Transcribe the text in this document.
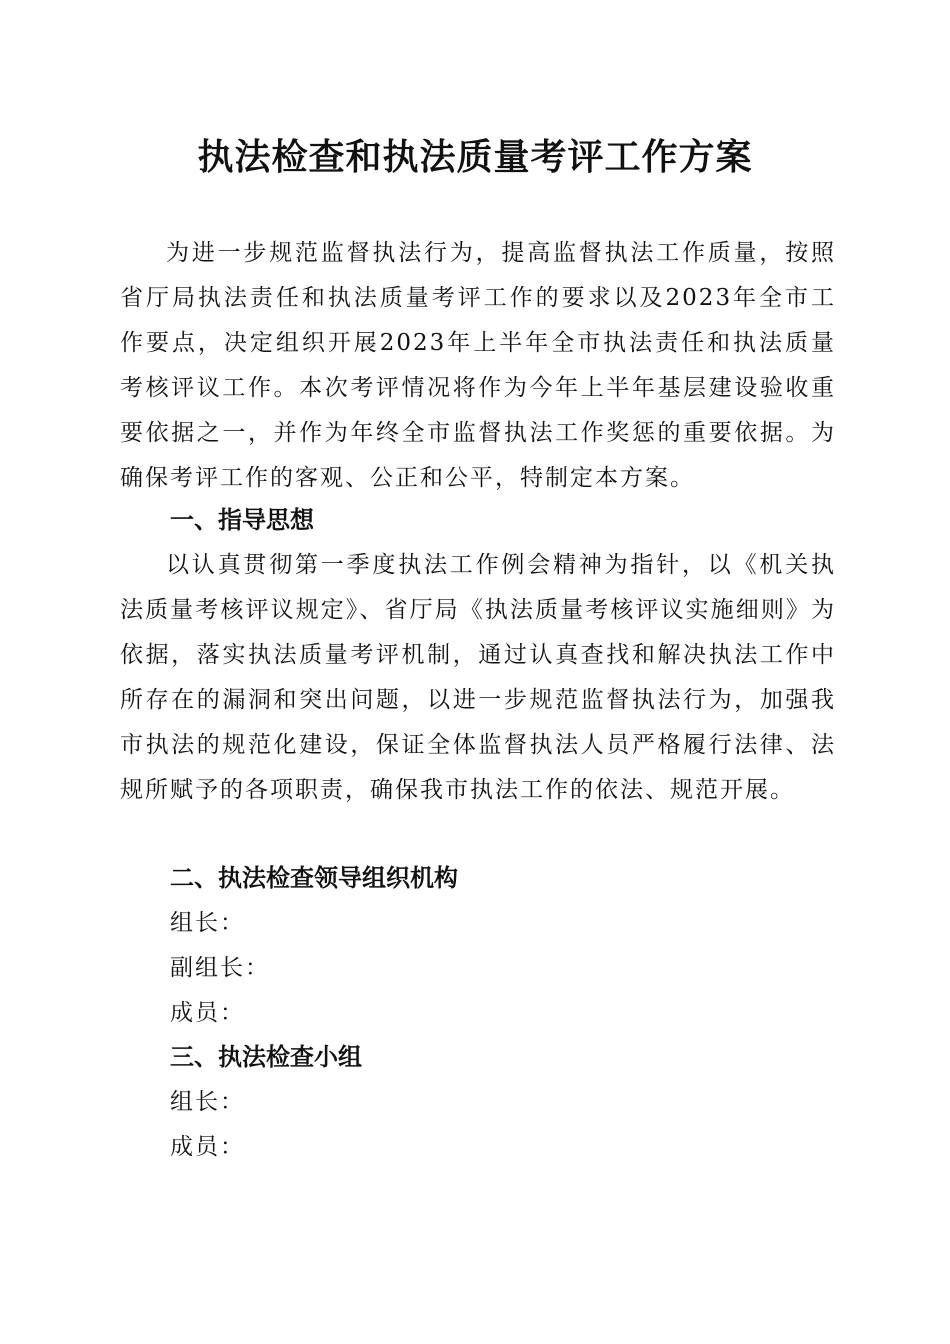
执法检查和执法质量考评工作方案

为进一步规范监督执法行为，提高监督执法工作质量，按照省厅局执法责任和执法质量考评工作的要求以及2023年全市工作要点，决定组织开展2023年上半年全市执法责任和执法质量考核评议工作。本次考评情况将作为今年上半年基层建设验收重要依据之一，并作为年终全市监督执法工作奖惩的重要依据。为确保考评工作的客观、公正和公平，特制定本方案。

一、指导思想

以认真贯彻第一季度执法工作例会精神为指针，以《机关执法质量考核评议规定》、省厅局《执法质量考核评议实施细则》为依据，落实执法质量考评机制，通过认真查找和解决执法工作中所存在的漏洞和突出问题，以进一步规范监督执法行为，加强我市执法的规范化建设，保证全体监督执法人员严格履行法律、法规所赋予的各项职责，确保我市执法工作的依法、规范开展。

二、执法检查领导组织机构

组长：

副组长：

成员：

三、执法检查小组

组长：

成员：
